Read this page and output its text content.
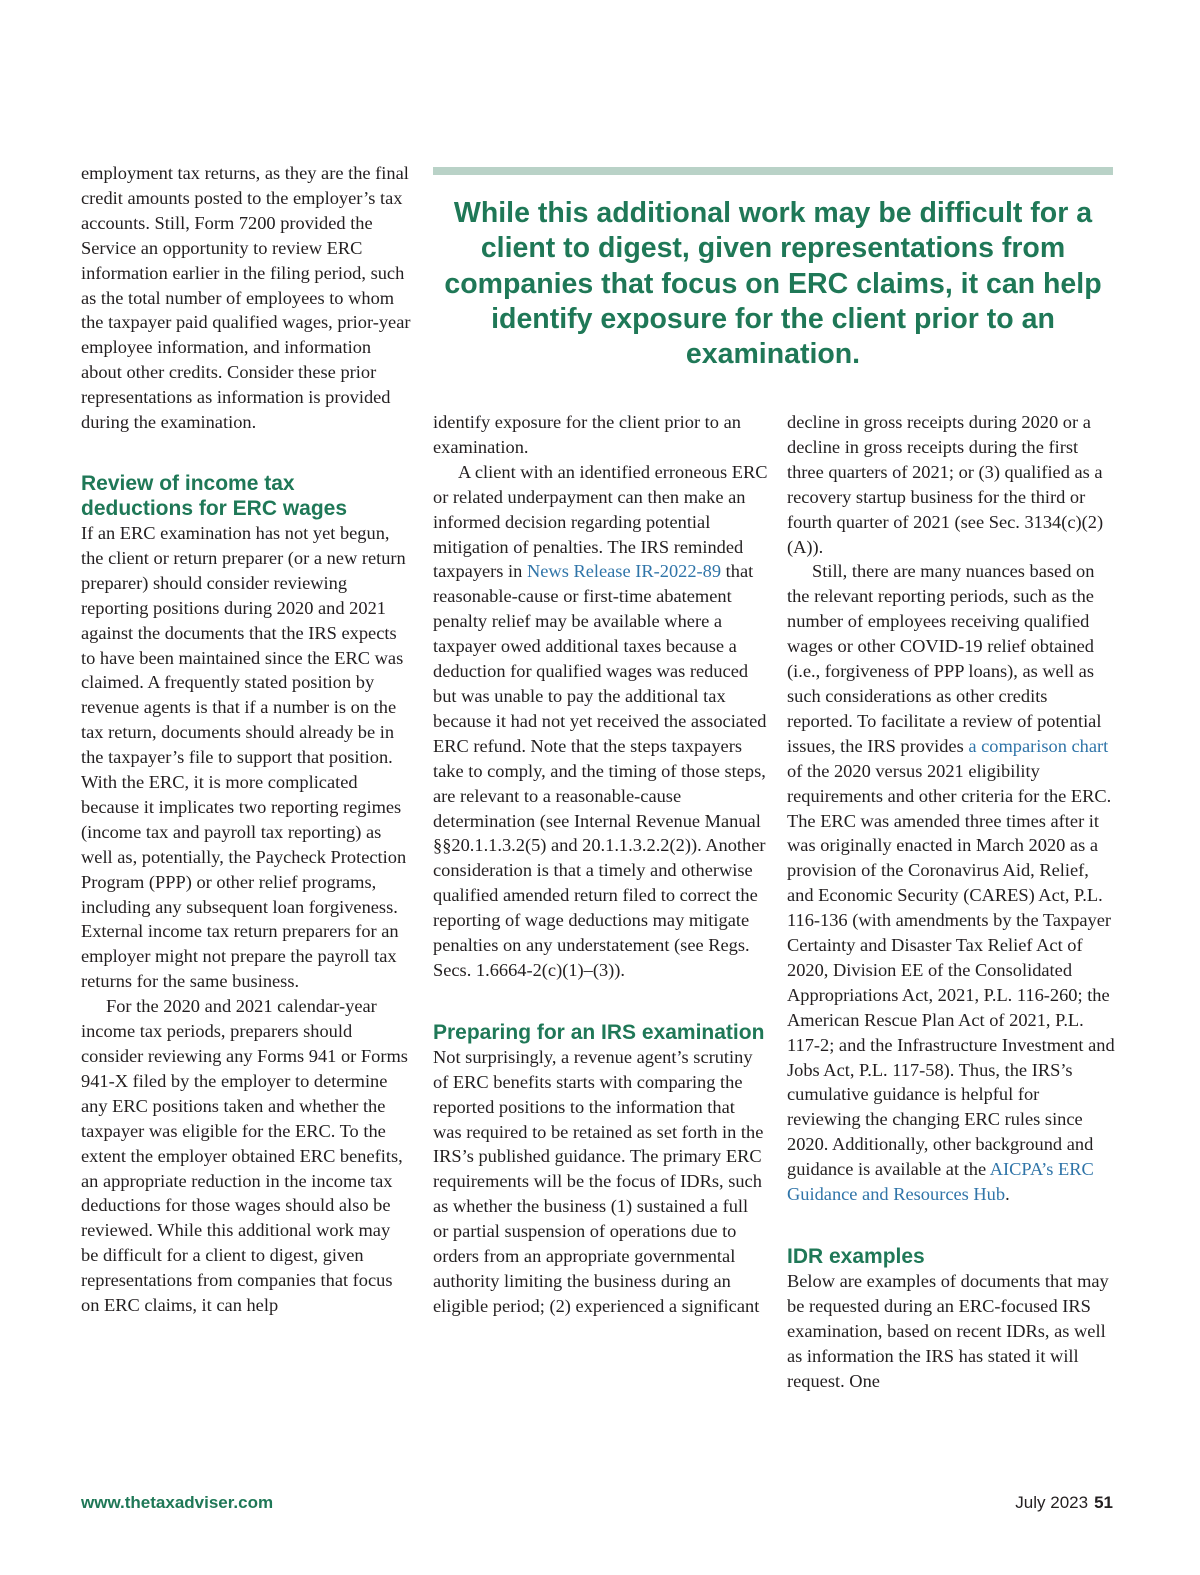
employment tax returns, as they are the final credit amounts posted to the employer’s tax accounts. Still, Form 7200 provided the Service an opportunity to review ERC information earlier in the filing period, such as the total number of employees to whom the taxpayer paid qualified wages, prior-year employee information, and information about other credits. Consider these prior representations as information is provided during the examination.

Review of income tax deductions for ERC wages

If an ERC examination has not yet begun, the client or return preparer (or a new return preparer) should consider reviewing reporting positions during 2020 and 2021 against the documents that the IRS expects to have been maintained since the ERC was claimed. A frequently stated position by revenue agents is that if a number is on the tax return, documents should already be in the taxpayer’s file to support that position. With the ERC, it is more complicated because it implicates two reporting regimes (income tax and payroll tax reporting) as well as, potentially, the Paycheck Protection Program (PPP) or other relief programs, including any subsequent loan forgiveness. External income tax return preparers for an employer might not prepare the payroll tax returns for the same business.

For the 2020 and 2021 calendar-year income tax periods, preparers should consider reviewing any Forms 941 or Forms 941-X filed by the employer to determine any ERC positions taken and whether the taxpayer was eligible for the ERC. To the extent the employer obtained ERC benefits, an appropriate reduction in the income tax deductions for those wages should also be reviewed. While this additional work may be difficult for a client to digest, given representations from companies that focus on ERC claims, it can help

While this additional work may be difficult for a client to digest, given representations from companies that focus on ERC claims, it can help identify exposure for the client prior to an examination.

identify exposure for the client prior to an examination.

A client with an identified erroneous ERC or related underpayment can then make an informed decision regarding potential mitigation of penalties. The IRS reminded taxpayers in News Release IR-2022-89 that reasonable-cause or first-time abatement penalty relief may be available where a taxpayer owed additional taxes because a deduction for qualified wages was reduced but was unable to pay the additional tax because it had not yet received the associated ERC refund. Note that the steps taxpayers take to comply, and the timing of those steps, are relevant to a reasonable-cause determination (see Internal Revenue Manual §§20.1.1.3.2(5) and 20.1.1.3.2.2(2)). Another consideration is that a timely and otherwise qualified amended return filed to correct the reporting of wage deductions may mitigate penalties on any understatement (see Regs. Secs. 1.6664-2(c)(1)–(3)).

Preparing for an IRS examination

Not surprisingly, a revenue agent’s scrutiny of ERC benefits starts with comparing the reported positions to the information that was required to be retained as set forth in the IRS’s published guidance. The primary ERC requirements will be the focus of IDRs, such as whether the business (1) sustained a full or partial suspension of operations due to orders from an appropriate governmental authority limiting the business during an eligible period; (2) experienced a significant

decline in gross receipts during 2020 or a decline in gross receipts during the first three quarters of 2021; or (3) qualified as a recovery startup business for the third or fourth quarter of 2021 (see Sec. 3134(c)(2)(A)).

Still, there are many nuances based on the relevant reporting periods, such as the number of employees receiving qualified wages or other COVID-19 relief obtained (i.e., forgiveness of PPP loans), as well as such considerations as other credits reported. To facilitate a review of potential issues, the IRS provides a comparison chart of the 2020 versus 2021 eligibility requirements and other criteria for the ERC. The ERC was amended three times after it was originally enacted in March 2020 as a provision of the Coronavirus Aid, Relief, and Economic Security (CARES) Act, P.L. 116-136 (with amendments by the Taxpayer Certainty and Disaster Tax Relief Act of 2020, Division EE of the Consolidated Appropriations Act, 2021, P.L. 116-260; the American Rescue Plan Act of 2021, P.L. 117-2; and the Infrastructure Investment and Jobs Act, P.L. 117-58). Thus, the IRS’s cumulative guidance is helpful for reviewing the changing ERC rules since 2020. Additionally, other background and guidance is available at the AICPA’s ERC Guidance and Resources Hub.

IDR examples

Below are examples of documents that may be requested during an ERC-focused IRS examination, based on recent IDRs, as well as information the IRS has stated it will request. One

www.thetaxadviser.com	July 2023 51
